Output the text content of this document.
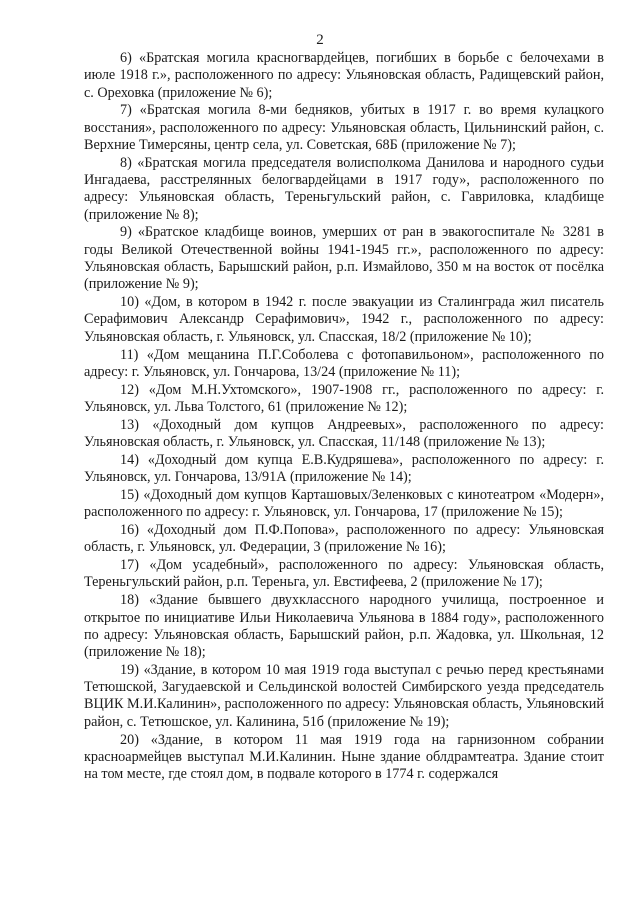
2

6) «Братская могила красногвардейцев, погибших в борьбе с белочехами в июле 1918 г.», расположенного по адресу: Ульяновская область, Радищевский район, с. Ореховка (приложение № 6);

7) «Братская могила 8-ми бедняков, убитых в 1917 г. во время кулацкого восстания», расположенного по адресу: Ульяновская область, Цильнинский район, с. Верхние Тимерсяны, центр села, ул. Советская, 68Б (приложение № 7);

8) «Братская могила председателя волисполкома Данилова и народного судьи Ингадаева, расстрелянных белогвардейцами в 1917 году», расположенного по адресу: Ульяновская область, Тереньгульский район, с. Гавриловка, кладбище (приложение № 8);

9) «Братское кладбище воинов, умерших от ран в эвакогоспитале № 3281 в годы Великой Отечественной войны 1941-1945 гг.», расположенного по адресу: Ульяновская область, Барышский район, р.п. Измайлово, 350 м на восток от посёлка (приложение № 9);

10) «Дом, в котором в 1942 г. после эвакуации из Сталинграда жил писатель Серафимович Александр Серафимович», 1942 г., расположенного по адресу: Ульяновская область, г. Ульяновск, ул. Спасская, 18/2 (приложение № 10);

11) «Дом мещанина П.Г.Соболева с фотопавильоном», расположенного по адресу: г. Ульяновск, ул. Гончарова, 13/24 (приложение № 11);

12) «Дом М.Н.Ухтомского», 1907-1908 гг., расположенного по адресу: г. Ульяновск, ул. Льва Толстого, 61 (приложение № 12);

13) «Доходный дом купцов Андреевых», расположенного по адресу: Ульяновская область, г. Ульяновск, ул. Спасская, 11/148 (приложение № 13);

14) «Доходный дом купца Е.В.Кудряшева», расположенного по адресу: г. Ульяновск, ул. Гончарова, 13/91А (приложение № 14);

15) «Доходный дом купцов Карташовых/Зеленковых с кинотеатром «Модерн», расположенного по адресу: г. Ульяновск, ул. Гончарова, 17 (приложение № 15);

16) «Доходный дом П.Ф.Попова», расположенного по адресу: Ульяновская область, г. Ульяновск, ул. Федерации, 3 (приложение № 16);

17) «Дом усадебный», расположенного по адресу: Ульяновская область, Тереньгульский район, р.п. Тереньга, ул. Евстифеева, 2 (приложение № 17);

18) «Здание бывшего двухклассного народного училища, построенное и открытое по инициативе Ильи Николаевича Ульянова в 1884 году», расположенного по адресу: Ульяновская область, Барышский район, р.п. Жадовка, ул. Школьная, 12 (приложение № 18);

19) «Здание, в котором 10 мая 1919 года выступал с речью перед крестьянами Тетюшской, Загудаевской и Сельдинской волостей Симбирского уезда председатель ВЦИК М.И.Калинин», расположенного по адресу: Ульяновская область, Ульяновский район, с. Тетюшское, ул. Калинина, 51б (приложение № 19);

20) «Здание, в котором 11 мая 1919 года на гарнизонном собрании красноармейцев выступал М.И.Калинин. Ныне здание облдрамтеатра. Здание стоит на том месте, где стоял дом, в подвале которого в 1774 г. содержался
